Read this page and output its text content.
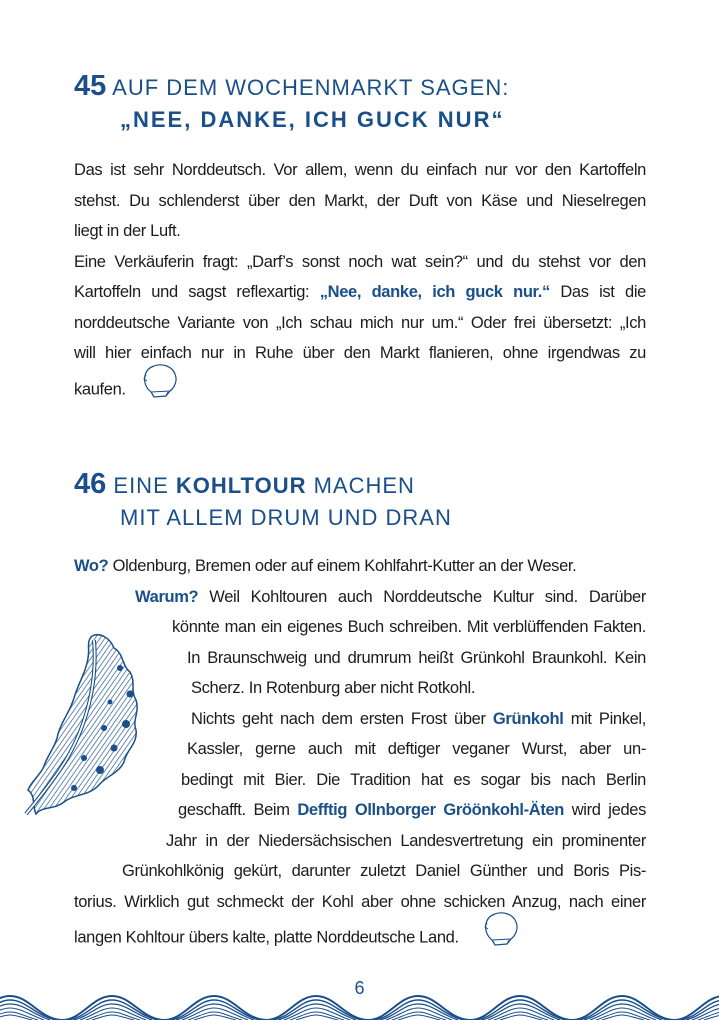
45 AUF DEM WOCHENMARKT SAGEN:
„NEE, DANKE, ICH GUCK NUR“
Das ist sehr Norddeutsch. Vor allem, wenn du einfach nur vor den Kartoffeln
stehst. Du schlenderst über den Markt, der Duft von Käse und Nieselregen
liegt in der Luft.
Eine Verkäuferin fragt: „Darf’s sonst noch wat sein?“ und du stehst vor den
Kartoffeln und sagst reflexartig: „Nee, danke, ich guck nur.“ Das ist die
norddeutsche Variante von „Ich schau mich nur um.“ Oder frei übersetzt: „Ich
will hier einfach nur in Ruhe über den Markt flanieren, ohne irgendwas zu
kaufen.
46 EINE KOHLTOUR MACHEN
MIT ALLEM DRUM UND DRAN
Wo? Oldenburg, Bremen oder auf einem Kohlfahrt-Kutter an der Weser.
Warum? Weil Kohltouren auch Norddeutsche Kultur sind. Darüber
könnte man ein eigenes Buch schreiben. Mit verblüffenden Fakten.
In Braunschweig und drumrum heißt Grünkohl Braunkohl. Kein
Scherz. In Rotenburg aber nicht Rotkohl.
Nichts geht nach dem ersten Frost über Grünkohl mit Pinkel,
Kassler, gerne auch mit deftiger veganer Wurst, aber un-
bedingt mit Bier. Die Tradition hat es sogar bis nach Berlin
geschafft. Beim Defftig Ollnborger Gröönkohl-Äten wird jedes
Jahr in der Niedersächsischen Landesvertretung ein prominenter
Grünkohlkönig gekürt, darunter zuletzt Daniel Günther und Boris Pis-
torius. Wirklich gut schmeckt der Kohl aber ohne schicken Anzug, nach einer
langen Kohltour übers kalte, platte Norddeutsche Land.
6
